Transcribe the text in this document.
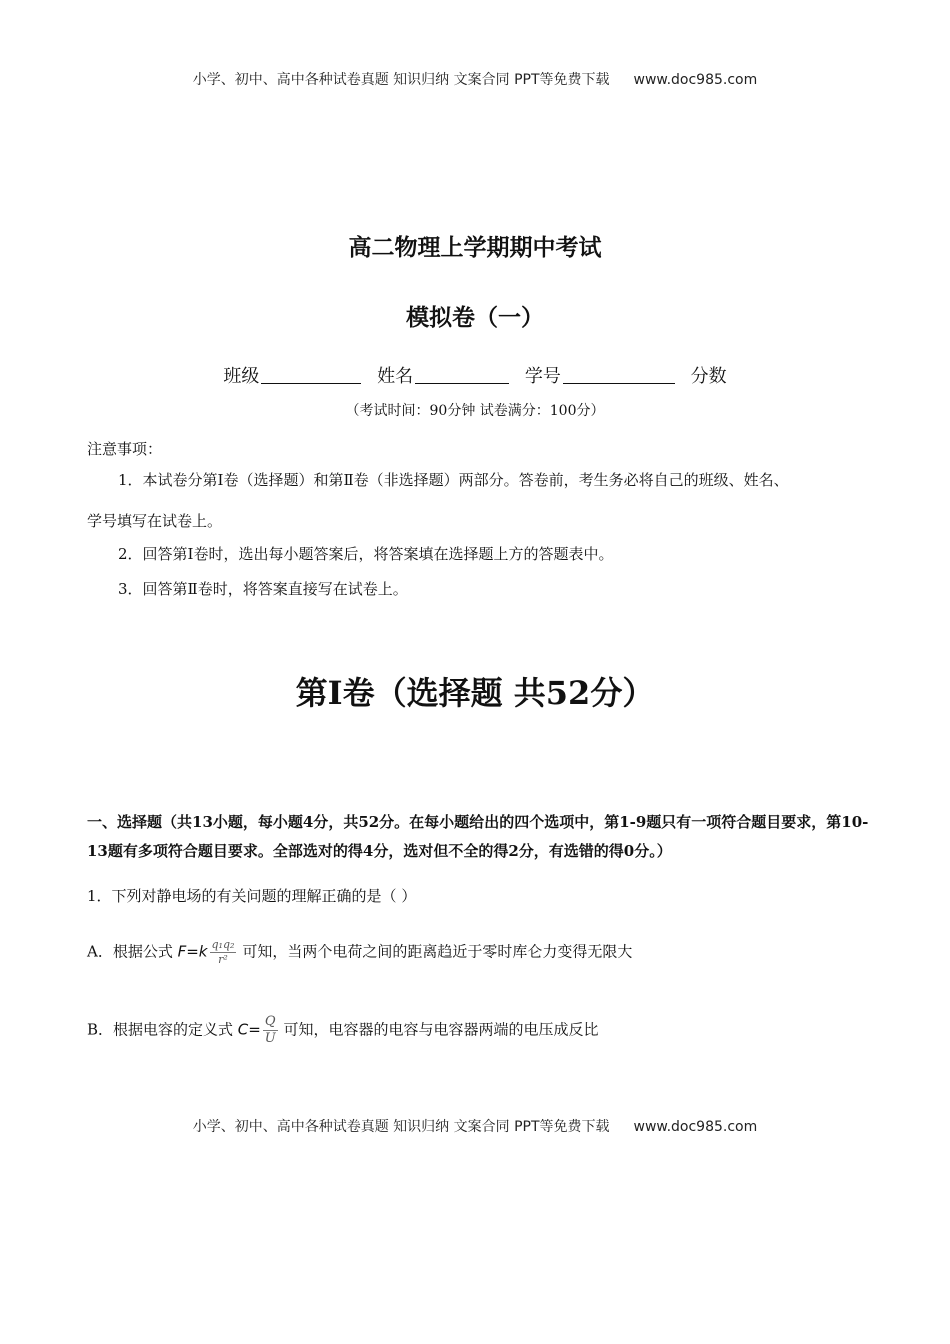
小学、初中、高中各种试卷真题 知识归纳 文案合同 PPT等免费下载 www.doc985.com
高二物理上学期期中考试
模拟卷（一）
班级	姓名	学号	分数
（考试时间：90分钟 试卷满分：100分）
注意事项：
1．本试卷分第Ⅰ卷（选择题）和第Ⅱ卷（非选择题）两部分。答卷前，考生务必将自己的班级、姓名、
学号填写在试卷上。
2．回答第Ⅰ卷时，选出每小题答案后，将答案填在选择题上方的答题表中。
3．回答第Ⅱ卷时，将答案直接写在试卷上。
第Ⅰ卷（选择题 共52分）
一、选择题（共13小题，每小题4分，共52分。在每小题给出的四个选项中，第1-9题只有一项符合题目要求，第10-13题有多项符合题目要求。全部选对的得4分，选对但不全的得2分，有选错的得0分。）
1．下列对静电场的有关问题的理解正确的是（ ）
A．根据公式 $F=k \frac{\text{q₁q₂}}{\text{r²}}$ 可知，当两个电荷之间的距离趋近于零时库仑力变得无限大
B．根据电容的定义式 $C= \frac{Q}{U}$ 可知，电容器的电容与电容器两端的电压成反比
小学、初中、高中各种试卷真题 知识归纳 文案合同 PPT等免费下载 www.doc985.com
